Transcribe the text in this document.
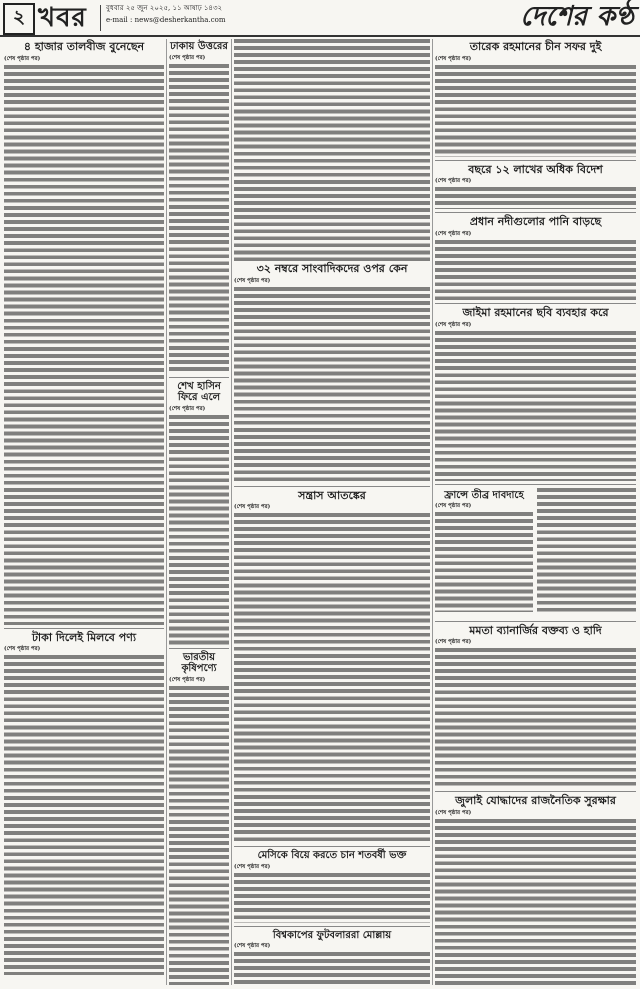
২ খবর	বুধবার ২৫ জুন ২০২৫, ১১ আষাঢ় ১৪৩২
e-mail : news@desherkantha.com	দেশের কণ্ঠ
৪ হাজার তালবীজ বুনেছেন
(শেষ পৃষ্ঠার পর)
টাকা দিলেই মিলবে পণ্য
(শেষ পৃষ্ঠার পর)
ঢাকায় উত্তরের
(শেষ পৃষ্ঠার পর)
শেখ হাসিন ফিরে এলে
(শেষ পৃষ্ঠার পর)
ভারতীয় কৃষিপণ্যে
(শেষ পৃষ্ঠার পর)
৩২ নম্বরে সাংবাদিকদের ওপর কেন
(শেষ পৃষ্ঠার পর)
সন্ত্রাস আতঙ্কের
(শেষ পৃষ্ঠার পর)
মেসিকে বিয়ে করতে চান শতবর্ষী ভক্ত
(শেষ পৃষ্ঠার পর)
বিশ্বকাপের ফুটবলাররা মোল্লায়
(শেষ পৃষ্ঠার পর)
তারেক রহমানের চীন সফর দুই
(শেষ পৃষ্ঠার পর)
বছরে ১২ লাখের অধিক বিদেশ
(শেষ পৃষ্ঠার পর)
প্রধান নদীগুলোর পানি বাড়ছে
(শেষ পৃষ্ঠার পর)
জাইমা রহমানের ছবি ব্যবহার করে
(শেষ পৃষ্ঠার পর)
ফ্রান্সে তীব্র দাবদাহে
(শেষ পৃষ্ঠার পর)
মমতা ব্যানার্জির বক্তব্য ও হাদি
(শেষ পৃষ্ঠার পর)
জুলাই যোদ্ধাদের রাজনৈতিক সুরক্ষার
(শেষ পৃষ্ঠার পর)
